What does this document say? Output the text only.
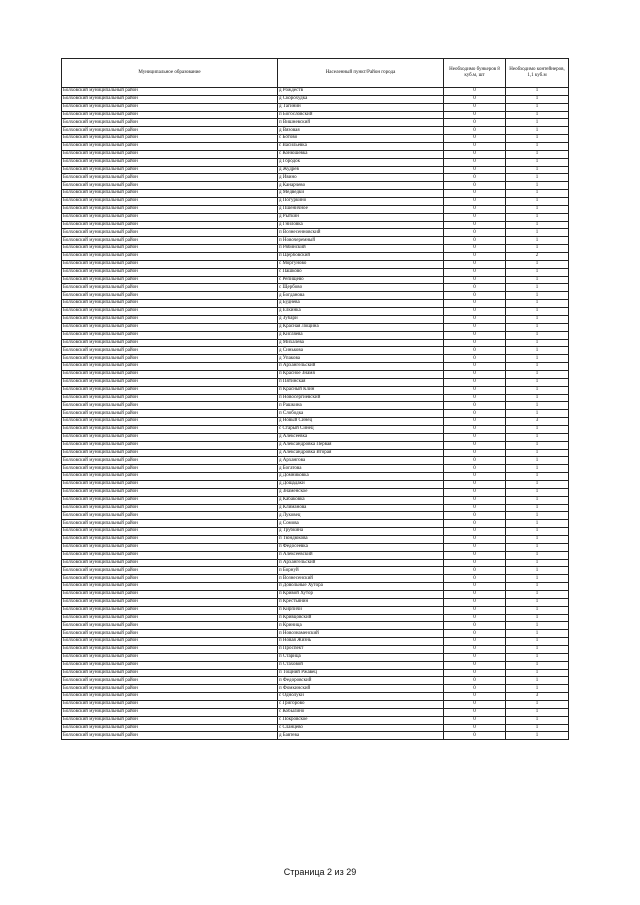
Муниципальное образование	Населенный пункт/Район города	Необходимо бункеров 8 куб.м, шт	Необходимо контейнеров, 1,1 куб.м
Болховский муниципальный район	д Рождеств	0	1
Болховский муниципальный район	д Скорохудка	0	1
Болховский муниципальный район	д Тагинин	0	1
Болховский муниципальный район	п Богословский	0	1
Болховский муниципальный район	п Вишневский	0	1
Болховский муниципальный район	д Вязовая	0	1
Болховский муниципальный район	с Ботово	0	1
Болховский муниципальный район	с Васильевка	0	1
Болховский муниципальный район	с Конюшевка	0	1
Болховский муниципальный район	д Городок	0	1
Болховский муниципальный район	д Жудрев	0	1
Болховский муниципальный район	д Ивино	0	1
Болховский муниципальный район	д Канарчево	0	1
Болховский муниципальный район	д Медведки	0	1
Болховский муниципальный район	д Погуркино	0	1
Болховский муниципальный район	д Пшеничное	0	1
Болховский муниципальный район	д Рыткин	0	1
Болховский муниципальный район	д Гниловка	0	1
Болховский муниципальный район	п Вознесенновский	0	1
Болховский муниципальный район	п Новочеремный	0	1
Болховский муниципальный район	п Рябинский	0	1
Болховский муниципальный район	п Щербовский	0	2
Болховский муниципальный район	с Моргуново	0	1
Болховский муниципальный район	с Пашково	0	1
Болховский муниципальный район	с Репищево	0	1
Болховский муниципальный район	с Щербово	0	1
Болховский муниципальный район	д Богданова	0	1
Болховский муниципальный район	д Буднева	0	1
Болховский муниципальный район	д Елкинка	0	1
Болховский муниципальный район	д Зубари	0	1
Болховский муниципальный район	д Красная Лощина	0	1
Болховский муниципальный район	д Кисляева	0	1
Болховский муниципальный район	д Михалева	0	1
Болховский муниципальный район	д Синькова	0	1
Болховский муниципальный район	д Упакова	0	1
Болховский муниципальный район	п Архангельский	0	1
Болховский муниципальный район	п Красное Знамя	0	1
Болховский муниципальный район	п Пятинская	0	1
Болховский муниципальный район	п Красный Клин	0	1
Болховский муниципальный район	п Новосергиевский	0	1
Болховский муниципальный район	п Рашкина	0	1
Болховский муниципальный район	п Слободка	0	1
Болховский муниципальный район	д Новый Синец	0	3
Болховский муниципальный район	с Старый Синец	0	1
Болховский муниципальный район	д Алексеевка	0	1
Болховский муниципальный район	д Александровка Первая	0	1
Болховский муниципальный район	д Александровка Вторая	0	1
Болховский муниципальный район	д Архангова	0	1
Болховский муниципальный район	д Богатова	0	1
Болховский муниципальный район	д Домниковка	0	1
Болховский муниципальный район	д Дощадаки	0	1
Болховский муниципальный район	д Знаменское	0	1
Болховский муниципальный район	д Кабаковка	0	1
Болховский муниципальный район	д Климанова	0	1
Болховский муниципальный район	д Луковец	0	1
Болховский муниципальный район	д Сомова	0	1
Болховский муниципальный район	д Трубкина	0	1
Болховский муниципальный район	п Тюндюкова	0	1
Болховский муниципальный район	п Федосеевка	0	1
Болховский муниципальный район	п Алексеевский	0	1
Болховский муниципальный район	п Архангельский	0	1
Болховский муниципальный район	п Борнуй	0	1
Болховский муниципальный район	п Вознесенский	0	1
Болховский муниципальный район	п Довольные Хутора	0	1
Болховский муниципальный район	п Кривой Хутор	0	1
Болховский муниципальный район	п Крестьянин	0	1
Болховский муниципальный район	п Кирпичи	0	1
Болховский муниципальный район	п Кривцовский	0	1
Болховский муниципальный район	п Криница	0	1
Болховский муниципальный район	п Новознаменский	0	1
Болховский муниципальный район	п Новая Жизнь	0	1
Болховский муниципальный район	п Проспект	0	1
Болховский муниципальный район	п Старица	0	1
Болховский муниципальный район	п Стаховой	0	1
Болховский муниципальный район	п Тощний Ржавец	0	1
Болховский муниципальный район	п Федоровский	0	1
Болховский муниципальный район	п Фомкинский	0	1
Болховский муниципальный район	с Однолуки	0	3
Болховский муниципальный район	с Григорово	0	1
Болховский муниципальный район	с Кобылино	0	1
Болховский муниципальный район	с Покровское	0	1
Болховский муниципальный район	с Сланцево	0	1
Болховский муниципальный район	д Бавтева	0	1
Страница 2 из 29
